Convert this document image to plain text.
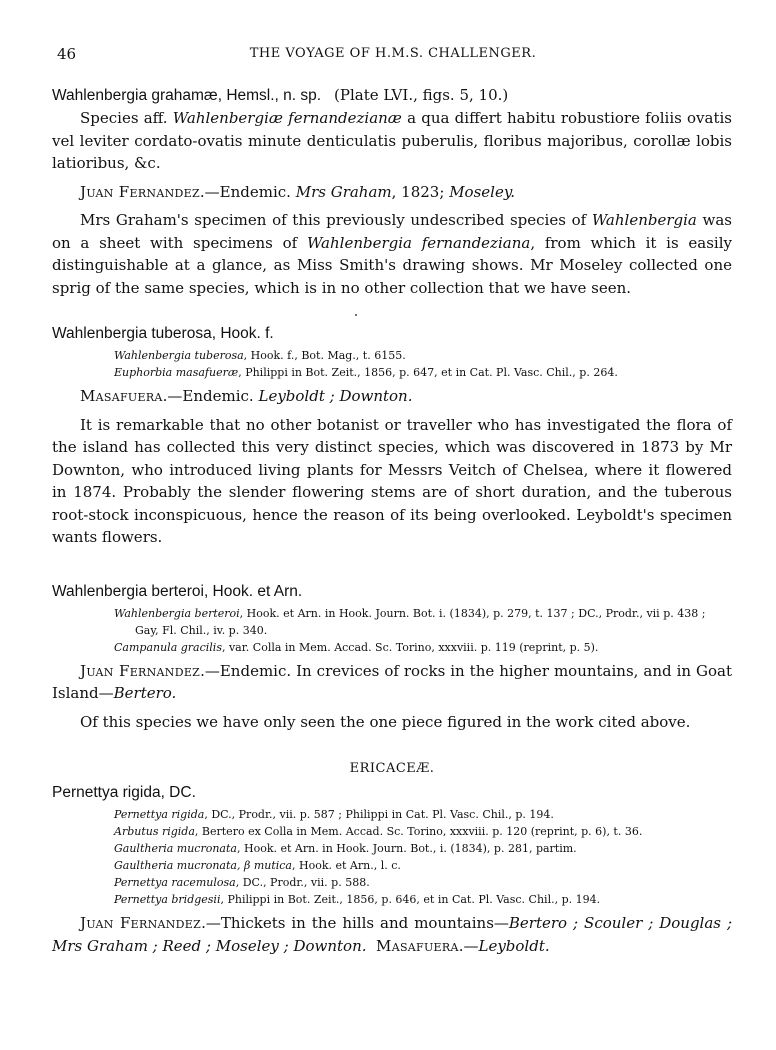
46	THE VOYAGE OF H.M.S. CHALLENGER.

Wahlenbergia grahamæ, Hemsl., n. sp. (Plate LVI., figs. 5, 10.)

Species aff. Wahlenbergiæ fernandezianæ a qua differt habitu robustiore foliis ovatis vel leviter cordato-ovatis minute denticulatis puberulis, floribus majoribus, corollæ lobis latioribus, &c.

Juan Fernandez.—Endemic. Mrs Graham, 1823; Moseley.

Mrs Graham's specimen of this previously undescribed species of Wahlenbergia was on a sheet with specimens of Wahlenbergia fernandeziana, from which it is easily distinguishable at a glance, as Miss Smith's drawing shows. Mr Moseley collected one sprig of the same species, which is in no other collection that we have seen.

Wahlenbergia tuberosa, Hook. f.

Wahlenbergia tuberosa, Hook. f., Bot. Mag., t. 6155.

Euphorbia masafueræ, Philippi in Bot. Zeit., 1856, p. 647, et in Cat. Pl. Vasc. Chil., p. 264.

Masafuera.—Endemic. Leyboldt ; Downton.

It is remarkable that no other botanist or traveller who has investigated the flora of the island has collected this very distinct species, which was discovered in 1873 by Mr Downton, who introduced living plants for Messrs Veitch of Chelsea, where it flowered in 1874. Probably the slender flowering stems are of short duration, and the tuberous root-stock inconspicuous, hence the reason of its being overlooked. Leyboldt's specimen wants flowers.

Wahlenbergia berteroi, Hook. et Arn.

Wahlenbergia berteroi, Hook. et Arn. in Hook. Journ. Bot. i. (1834), p. 279, t. 137 ; DC., Prodr., vii p. 438 ; Gay, Fl. Chil., iv. p. 340.

Campanula gracilis, var. Colla in Mem. Accad. Sc. Torino, xxxviii. p. 119 (reprint, p. 5).

Juan Fernandez.—Endemic. In crevices of rocks in the higher mountains, and in Goat Island—Bertero.

Of this species we have only seen the one piece figured in the work cited above.

ERICACEÆ.

Pernettya rigida, DC.

Pernettya rigida, DC., Prodr., vii. p. 587 ; Philippi in Cat. Pl. Vasc. Chil., p. 194.

Arbutus rigida, Bertero ex Colla in Mem. Accad. Sc. Torino, xxxviii. p. 120 (reprint, p. 6), t. 36.

Gaultheria mucronata, Hook. et Arn. in Hook. Journ. Bot., i. (1834), p. 281, partim.

Gaultheria mucronata, β mutica, Hook. et Arn., l. c.

Pernettya racemulosa, DC., Prodr., vii. p. 588.

Pernettya bridgesii, Philippi in Bot. Zeit., 1856, p. 646, et in Cat. Pl. Vasc. Chil., p. 194.

Juan Fernandez.—Thickets in the hills and mountains—Bertero ; Scouler ; Douglas ; Mrs Graham ; Reed ; Moseley ; Downton. Masafuera.—Leyboldt.
